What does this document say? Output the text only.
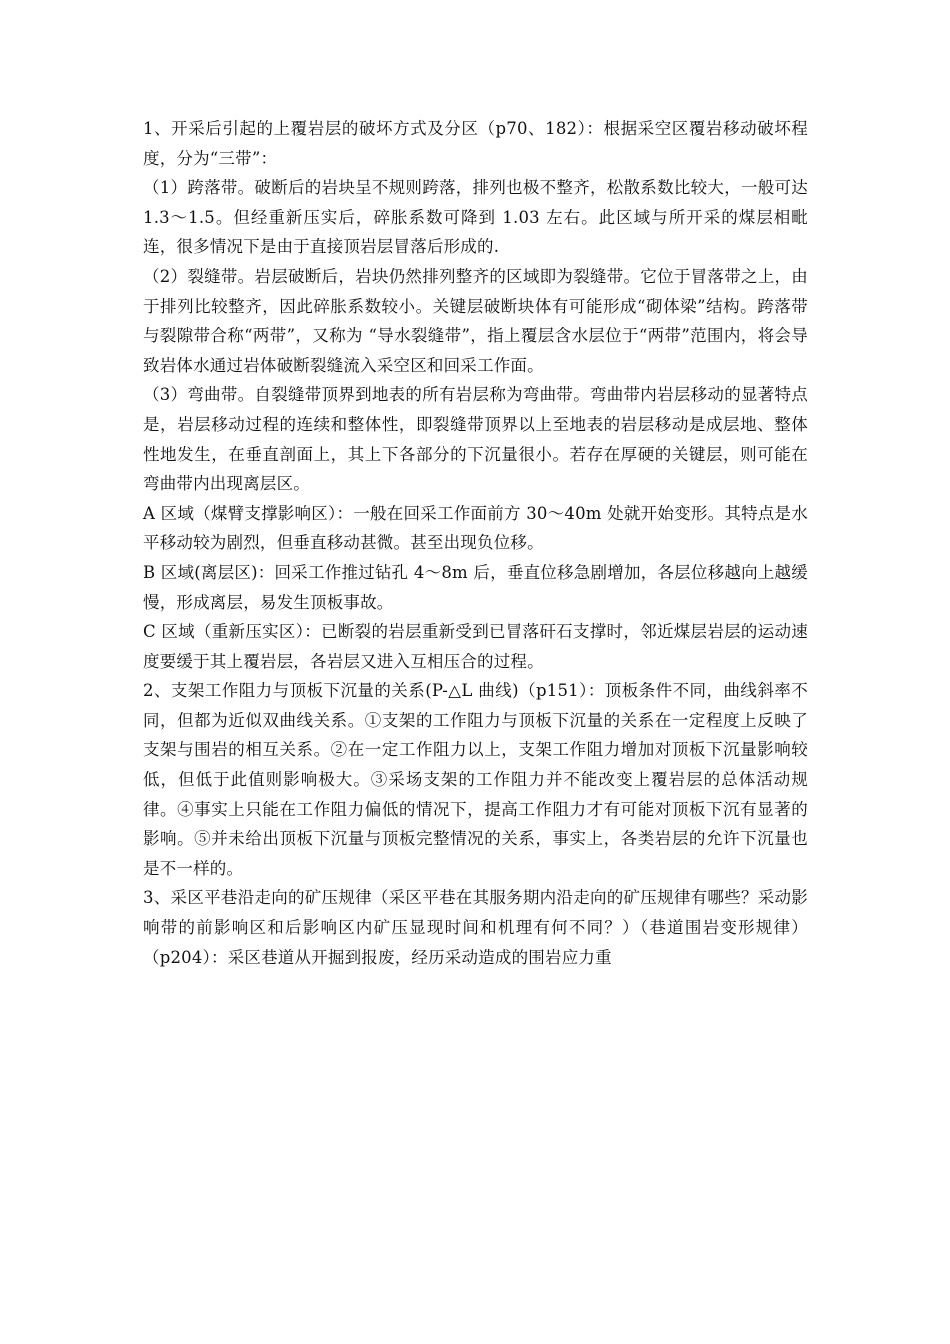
1、开采后引起的上覆岩层的破坏方式及分区（p70、182）：根据采空区覆岩移动破坏程度，分为“三带”：

（1）跨落带。破断后的岩块呈不规则跨落，排列也极不整齐，松散系数比较大，一般可达 1.3～1.5。但经重新压实后，碎胀系数可降到 1.03 左右。此区域与所开采的煤层相毗连，很多情况下是由于直接顶岩层冒落后形成的.

（2）裂缝带。岩层破断后，岩块仍然排列整齐的区域即为裂缝带。它位于冒落带之上，由于排列比较整齐，因此碎胀系数较小。关键层破断块体有可能形成“砌体梁”结构。跨落带与裂隙带合称“两带”，又称为 “导水裂缝带”，指上覆层含水层位于“两带”范围内，将会导致岩体水通过岩体破断裂缝流入采空区和回采工作面。

（3）弯曲带。自裂缝带顶界到地表的所有岩层称为弯曲带。弯曲带内岩层移动的显著特点是，岩层移动过程的连续和整体性，即裂缝带顶界以上至地表的岩层移动是成层地、整体性地发生，在垂直剖面上，其上下各部分的下沉量很小。若存在厚硬的关键层，则可能在弯曲带内出现离层区。

A 区域（煤臂支撑影响区）：一般在回采工作面前方 30～40m 处就开始变形。其特点是水平移动较为剧烈，但垂直移动甚微。甚至出现负位移。

B 区域(离层区)：回采工作推过钻孔 4～8m 后，垂直位移急剧增加，各层位移越向上越缓慢，形成离层，易发生顶板事故。

C 区域（重新压实区）：已断裂的岩层重新受到已冒落矸石支撑时，邻近煤层岩层的运动速度要缓于其上覆岩层，各岩层又进入互相压合的过程。

2、支架工作阻力与顶板下沉量的关系(P-△L 曲线)（p151）：顶板条件不同，曲线斜率不同，但都为近似双曲线关系。①支架的工作阻力与顶板下沉量的关系在一定程度上反映了支架与围岩的相互关系。②在一定工作阻力以上，支架工作阻力增加对顶板下沉量影响较低，但低于此值则影响极大。③采场支架的工作阻力并不能改变上覆岩层的总体活动规律。④事实上只能在工作阻力偏低的情况下，提高工作阻力才有可能对顶板下沉有显著的影响。⑤并未给出顶板下沉量与顶板完整情况的关系，事实上，各类岩层的允许下沉量也是不一样的。

3、采区平巷沿走向的矿压规律（采区平巷在其服务期内沿走向的矿压规律有哪些？采动影响带的前影响区和后影响区内矿压显现时间和机理有何不同？）（巷道围岩变形规律）（p204）：采区巷道从开掘到报废，经历采动造成的围岩应力重
